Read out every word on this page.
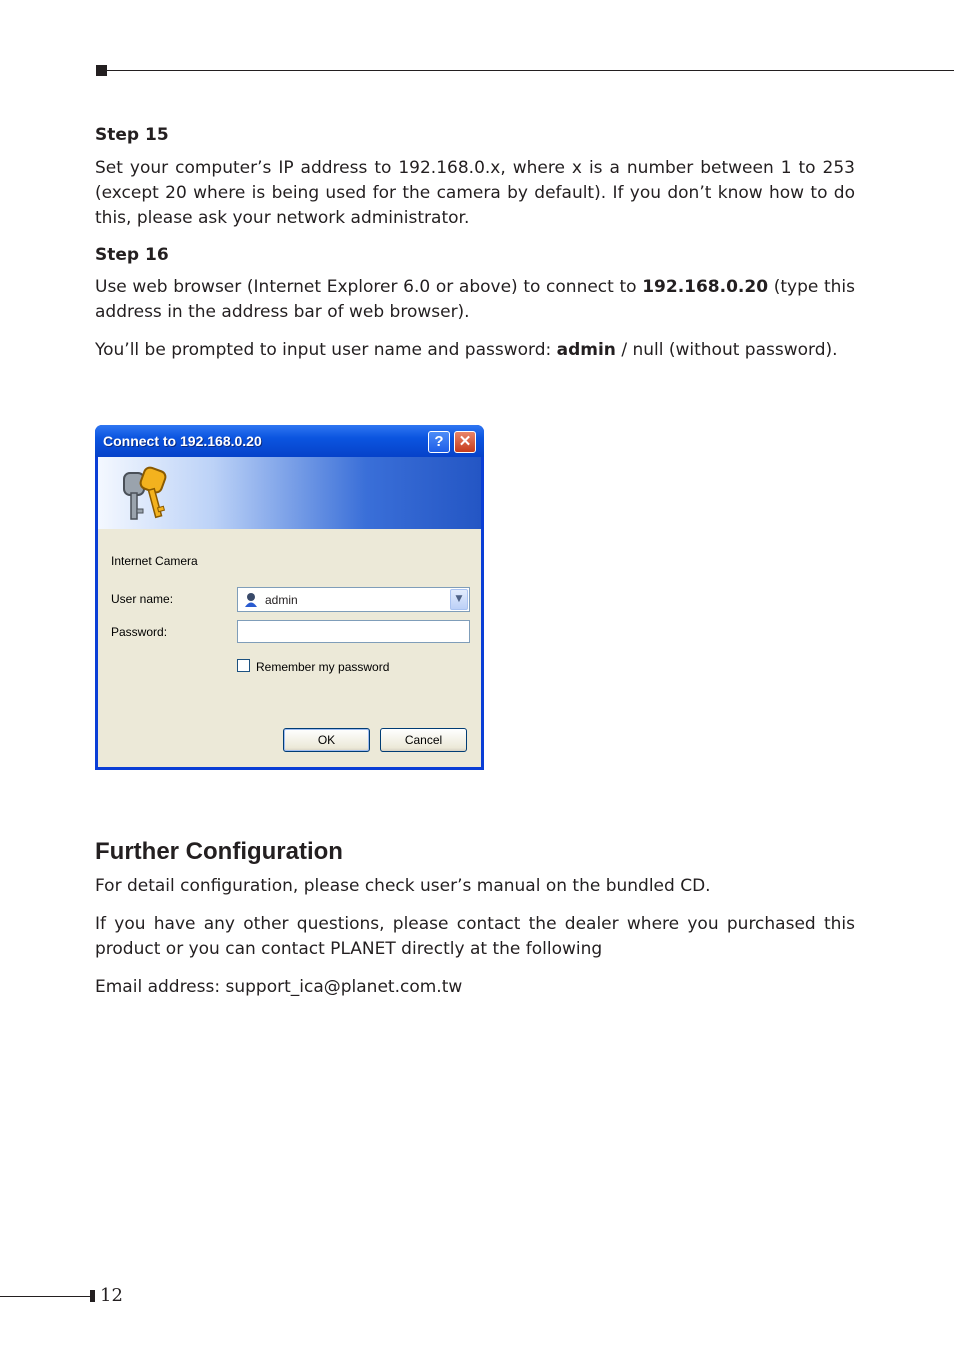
Step 15
Set your computer’s IP address to 192.168.0.x, where x is a number between 1 to 253 (except 20 where is being used for the camera by default). If you don’t know how to do this, please ask your network administrator.
Step 16
Use web browser (Internet Explorer 6.0 or above) to connect to 192.168.0.20 (type this address in the address bar of web browser).
You’ll be prompted to input user name and password: admin / null (without password).
Connect to 192.168.0.20	?	✕
Internet Camera
User name:	admin	▼
Password:
Remember my password
OK	Cancel
Further Configuration
For detail configuration, please check user’s manual on the bundled CD.
If you have any other questions, please contact the dealer where you purchased this product or you can contact PLANET directly at the following
Email address: support_ica@planet.com.tw
12
